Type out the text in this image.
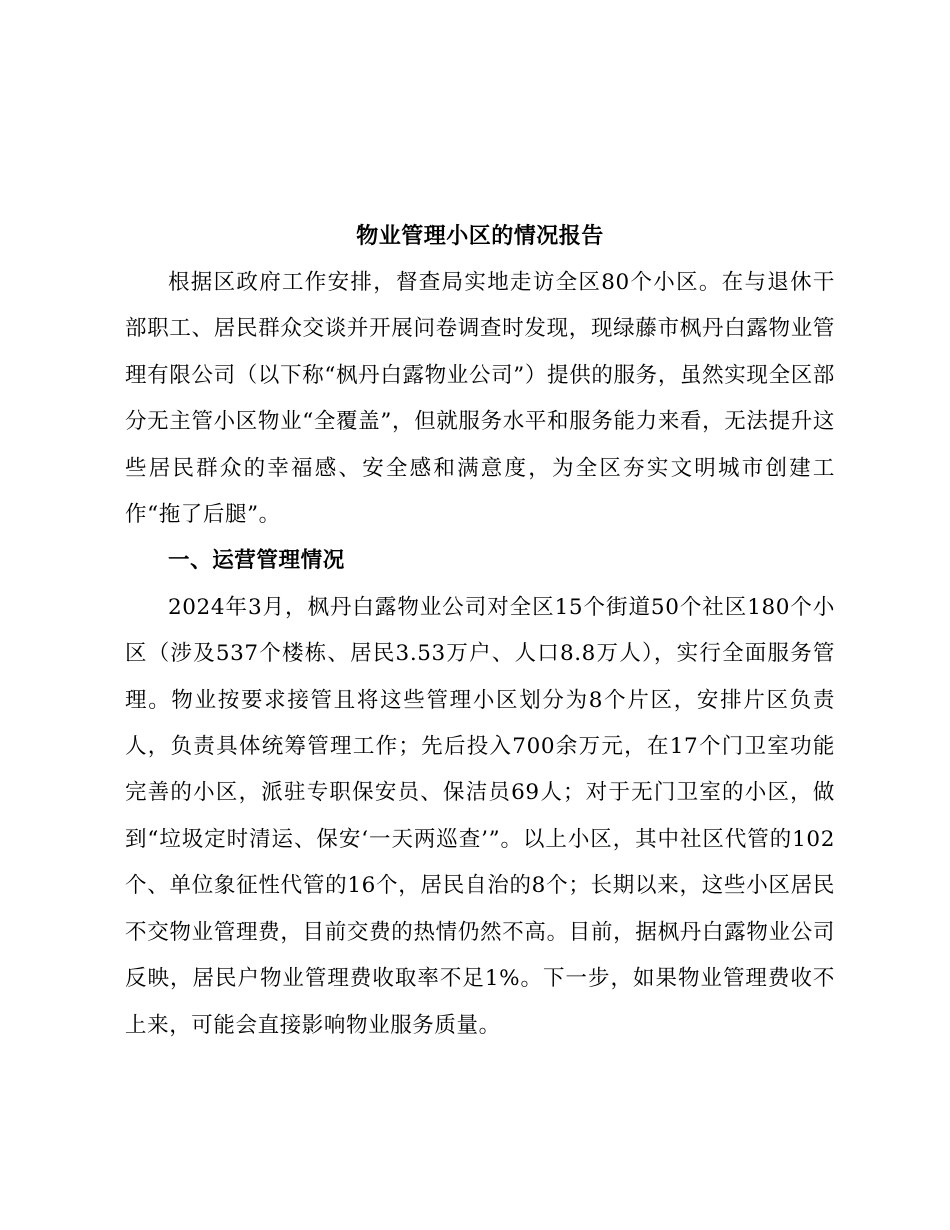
物业管理小区的情况报告

根据区政府工作安排，督查局实地走访全区80个小区。在与退休干部职工、居民群众交谈并开展问卷调查时发现，现绿藤市枫丹白露物业管理有限公司（以下称“枫丹白露物业公司”）提供的服务，虽然实现全区部分无主管小区物业“全覆盖”，但就服务水平和服务能力来看，无法提升这些居民群众的幸福感、安全感和满意度，为全区夯实文明城市创建工作“拖了后腿”。

一、运营管理情况

2024年3月，枫丹白露物业公司对全区15个街道50个社区180个小区（涉及537个楼栋、居民3.53万户、人口8.8万人），实行全面服务管理。物业按要求接管且将这些管理小区划分为8个片区，安排片区负责人，负责具体统筹管理工作；先后投入700余万元，在17个门卫室功能完善的小区，派驻专职保安员、保洁员69人；对于无门卫室的小区，做到“垃圾定时清运、保安‘一天两巡查’”。以上小区，其中社区代管的102个、单位象征性代管的16个，居民自治的8个；长期以来，这些小区居民不交物业管理费，目前交费的热情仍然不高。目前，据枫丹白露物业公司反映，居民户物业管理费收取率不足1%。下一步，如果物业管理费收不上来，可能会直接影响物业服务质量。
